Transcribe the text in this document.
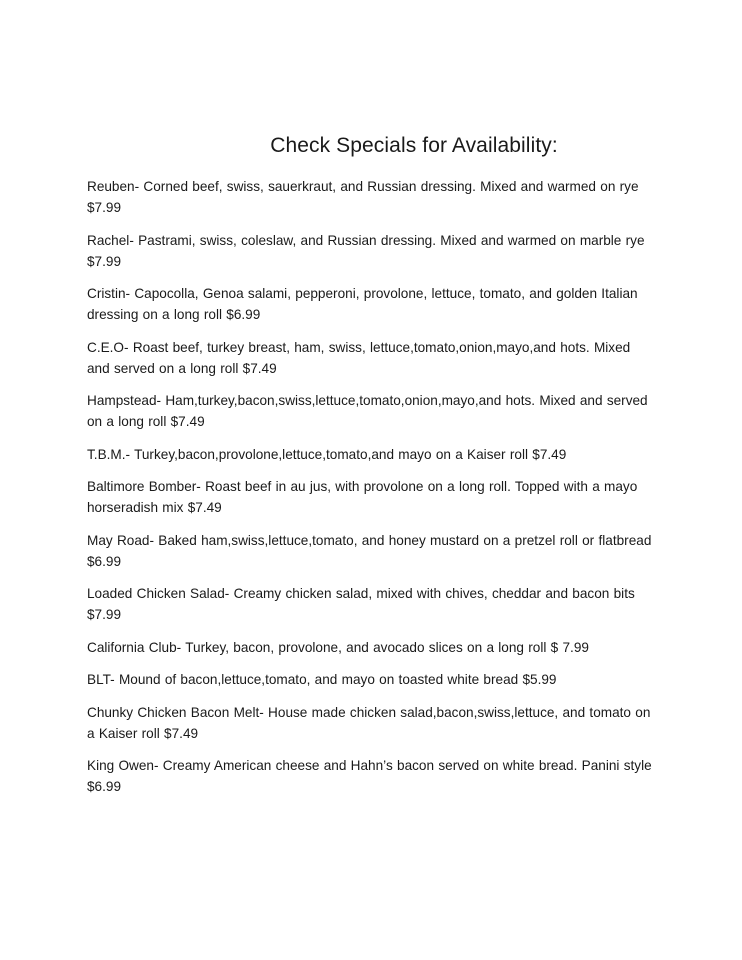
Check Specials for Availability:
Reuben- Corned beef, swiss, sauerkraut, and Russian dressing. Mixed and warmed on rye $7.99
Rachel- Pastrami, swiss, coleslaw, and Russian dressing. Mixed and warmed on marble rye $7.99
Cristin- Capocolla, Genoa salami, pepperoni, provolone, lettuce, tomato, and golden Italian dressing on a long roll $6.99
C.E.O- Roast beef, turkey breast, ham, swiss, lettuce,tomato,onion,mayo,and hots. Mixed and served on a long roll $7.49
Hampstead- Ham,turkey,bacon,swiss,lettuce,tomato,onion,mayo,and hots. Mixed and served on a long roll $7.49
T.B.M.- Turkey,bacon,provolone,lettuce,tomato,and mayo on a Kaiser roll $7.49
Baltimore Bomber- Roast beef in au jus, with provolone on a long roll. Topped with a mayo horseradish mix $7.49
May Road- Baked ham,swiss,lettuce,tomato, and honey mustard on a pretzel roll or flatbread $6.99
Loaded Chicken Salad- Creamy chicken salad, mixed with chives, cheddar and bacon bits $7.99
California Club- Turkey, bacon, provolone, and avocado slices on a long roll $ 7.99
BLT- Mound of bacon,lettuce,tomato, and mayo on toasted white bread $5.99
Chunky Chicken Bacon Melt- House made chicken salad,bacon,swiss,lettuce, and tomato on a Kaiser roll $7.49
King Owen- Creamy American cheese and Hahn’s bacon served on white bread. Panini style $6.99
